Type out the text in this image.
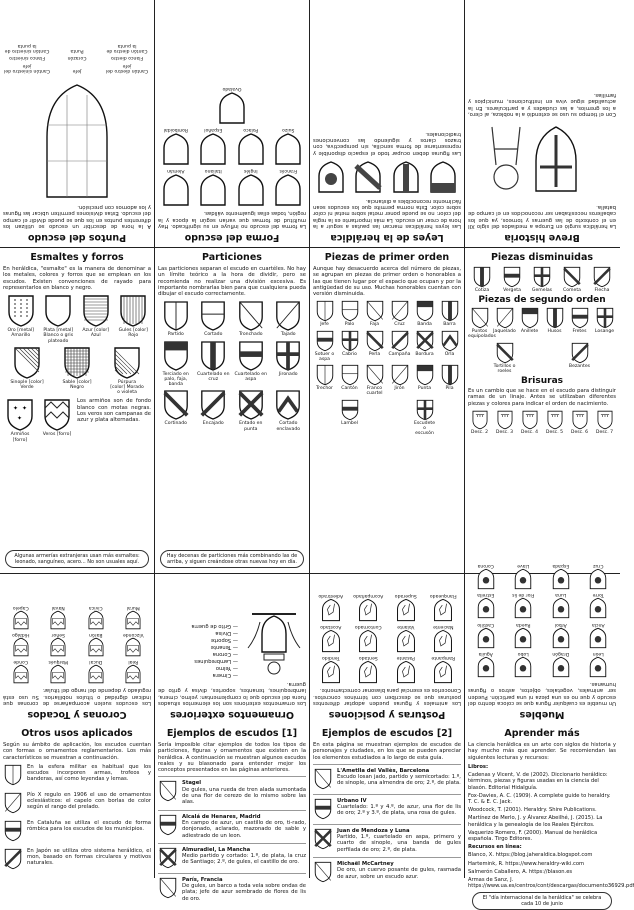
Puntos del escudo
A la hora de describir un escudo se utilizan los diferentes puntos en los que se puede dividir el campo del escudo. Estas divisiones permiten ubicar las figuras y los adornos con precisión.
Cantón diestro del jefe
Jefe
Cantón siniestro del jefe
Flanco diestro
Corazón
Flanco siniestro
Cantón diestro de la punta
Punta
Cantón siniestro de la punta
Forma del escudo
La forma del escudo no influye en su significado. Hay multitud de formas que varían según la época y la región, todas ellas igualmente válidas.
Francés
Inglés
Italiano
Alemán
Suizo
Polaco
Español
Romboidal
Ovalado
Leyes de la heráldica
Las leyes heráldicas marcan las pautas a seguir a la hora de crear un escudo. La más importante es la regla del color: no se puede poner metal sobre metal ni color sobre color. Esta norma permite que los escudos sean fácilmente reconocibles a distancia.
Las figuras deben ocupar todo el espacio disponible y representarse de forma sencilla, sin perspectiva, con trazos claros y siguiendo las convenciones tradicionales.
Breve historia
La heráldica surgió en Europa a mediados del siglo XII en el contexto de las guerras y torneos, ya que los caballeros necesitaban ser reconocidos en el campo de batalla.
Con el tiempo su uso se extendió a la nobleza, al clero, a los gremios, a las ciudades y a particulares. En la actualidad sigue viva en instituciones, municipios y familias.
Esmaltes y forros
En heráldica, "esmalte" es la manera de denominar a los metales, colores y forros que se emplean en los escudos. Existen convenciones de rayado para representarlos en blanco y negro.
Oro [metal] Amarillo
Plata [metal] Blanco o gris plateado
Azur [color] Azul
Gules [color] Rojo
Sinople [color] Verde
Sable [color] Negro
Púrpura [color] Morado o violeta
✦ ✦
✦
Armiños [forro]
Veros [forro]
Los armiños son de fondo blanco con motas negras. Los veros son campanas de azur y plata alternadas.
Algunas armerías extranjeras usan más esmaltes: leonado, sanguíneo, acero... No son usuales aquí.
Particiones
Las particiones separan el escudo en cuartéles. No hay un límite teórico a la hora de dividir, pero se recomienda no realizar una división excesiva. Es importante nombrarlas bien para que cualquiera pueda dibujar el escudo correctamente.
Partido	Cortado	Tronchado	Tajado
Terciado en palo, faja, banda
Cuartelado en cruz
Cuartelado en aspa
Jironado
Cortinado	Encajado	Entado en punta
Cortado enclavado
Hay decenas de particiones más combinando las de arriba, y siguen creándose otras nuevas hoy en día.
Piezas de primer orden
Aunque hay desacuerdo acerca del número de piezas, se agrupan en piezas de primer orden o honorables a las que tienen lugar por el espacio que ocupan y por la antigüedad de su uso. Muchas honorables cuentan con versión disminuida.
Jefe	Palo	Faja	Cruz	Banda	Barra
Sotuer o aspa
Cabrio	Perla	Campaña	Bordura	Orla
Trechor	Cantón	Franco cuartel
Jirón	Punta	Pila
Lambel	Escudete o escusón
Piezas disminuidas
Cotiza	Vergeta	Gemelas	Cometa	Flecha
Piezas de segundo orden
Puntos equipolados
Jaquelado	Anillete	Husos	Fretes	Losange
Tortillos o roeles
Bezantes
Brisuras
Es un cambio que se hace en el escudo para distinguir ramas de un linaje. Antes se utilizaban diferentes piezas y colores para indicar el orden de nacimiento.
Desc. 2	Desc. 3	Desc. 4	Desc. 5	Desc. 6	Desc. 7
Coronas y Tocados
Los escudos suelen acompañarse de coronas que indican dignidad o títulos nobiliarios. Su uso está regulado y depende del rango del titular.
Real
Ducal
Marqués
Conde
Vizconde
Barón
Señor
Hidalgo
Mural
Cívica
Naval
Capelo
Ornamentos exteriores
Los ornamentos exteriores son los elementos situados fuera del escudo que lo complementan: yelmo, cimera, lambrequines, tenantes, soportes, divisa y grito de guerra.
— Cimera
— Yelmo
— Lambrequines
— Corona
— Tenante
— Soporte
— Divisa
— Grito de guerra
Posturas y posiciones
Los animales y figuras pueden adoptar diferentes posturas que se describen con términos concretos. Conocerlos es esencial para blasonar correctamente.
Rampante
Pasante
Sentado
Tendido
Naciente
Volante
Contornado
Acostado
Flanqueado
Superado
Acompañado
Adiestrado
Muebles
Un mueble es cualquier figura que se coloca dentro del escudo y que no es una pieza ni una partición. Pueden ser animales, vegetales, objetos, astros o figuras humanas.
León
Dragón
Lobo
Águila
Ancla
Árbol
Rueda
Castillo
Torre
Luna
Flor de lis
Estrella
Cruz
Espada
Llave
Corona
Otros usos aplicados
Según su ámbito de aplicación, los escudos cuentan con formas o ornamentos reglamentarios. Los más característicos se muestran a continuación.
En la esfera militar es habitual que los escudos incorporen armas, trofeos y banderas, así como leyendas y lemas.
Pío X regulo en 1906 el uso de ornamentos eclesiásticos: el capelo con borlas de color según el rango del prelado.
En Cataluña se utiliza el escudo de forma rómbica para los escudos de los municipios.
En Japón se utiliza otro sistema heráldico, el mon, basado en formas circulares y motivos naturales.
Ejemplos de escudos [1]
Sería imposible citar ejemplos de todos los tipos de particiones, figuras y ornamentos que existen en la heráldica. A continuación se muestran algunos escudos reales y su blasonado para entender mejor los conceptos presentados en las páginas anteriores.
Stagel
De gules, una rueda de tren alada sumontada de una flor de cerezo de lo mismo sobre las alas.
Alcalá de Henares, Madrid
En campo de azur, un castillo de oro, ti-rado, donjonado, aclarado, mazonado de sable y adiestrado de un leon.
Almuradiel, La Mancha
Medio partido y cortado: 1.º, de plata, la cruz de Santiago; 2.º, de gules, el castillo de oro.
París, Francia
De gules, un barco a toda vela sobre ondas de plata; jefe de azur sembrado de flores de lis de oro.
Ejemplos de escudos [2]
En esta página se muestran ejemplos de escudos de personajes y ciudades, en los que se pueden apreciar los elementos estudiados a lo largo de esta guía.
L'Ametlla del Vallès, Barcelona
Escudo losan jado, partido y semicortado: 1.º, de sinople, una almendra de oro; 2.º, de plata.
Urbano IV
Cuartelado: 1.º y 4.º, de azur, una flor de lis de oro; 2.º y 3.º, de plata, una rosa de gules.
Juan de Mendoza y Luna
Partido, 1.º, cuartelado en aspa, primero y cuarto de sinople, una banda de gules perfilada de oro; 2.º, de plata.
Michaël McCartney
De oro, un cuervo posante de gules, rasmada de azur, sobre un escudo azur.
Aprender más
La ciencia heráldica es un arte con siglos de historia y hay mucho más que aprender. Se recomiendan las siguientes lecturas y recursos:
Libros:
Cadenas y Vicent, V. de (2002). Diccionario heráldico: términos, piezas y figuras usadas en la ciencia del blasón. Editorial Hidalguía.
Fox-Davies, A. C. (1909). A complete guide to heraldry. T. C. & E. C. Jack.
Woodcock, T. (2001). Heraldry. Shire Publications.
Martínez de Merlo, J. y Álvarez Abeilhé, J. (2015). La heráldica y la genealogía de los Reales Ejércitos.
Vaquerizo Romero, F. (2000). Manual de heráldica española. Tirgo Editores.
Recursos en línea:
Blanco, X. https://blog.jaheraldica.blogspot.com
Hartemink, R. https://www.heraldry-wiki.com
Salmerón Caballero, A. https://blason.es
Armas de Sanz, J. https://www.ua.es/centros/cont/descargas/documento36929.pdf
El "día internacional de la heráldica" se celebra cada 10 de junio
